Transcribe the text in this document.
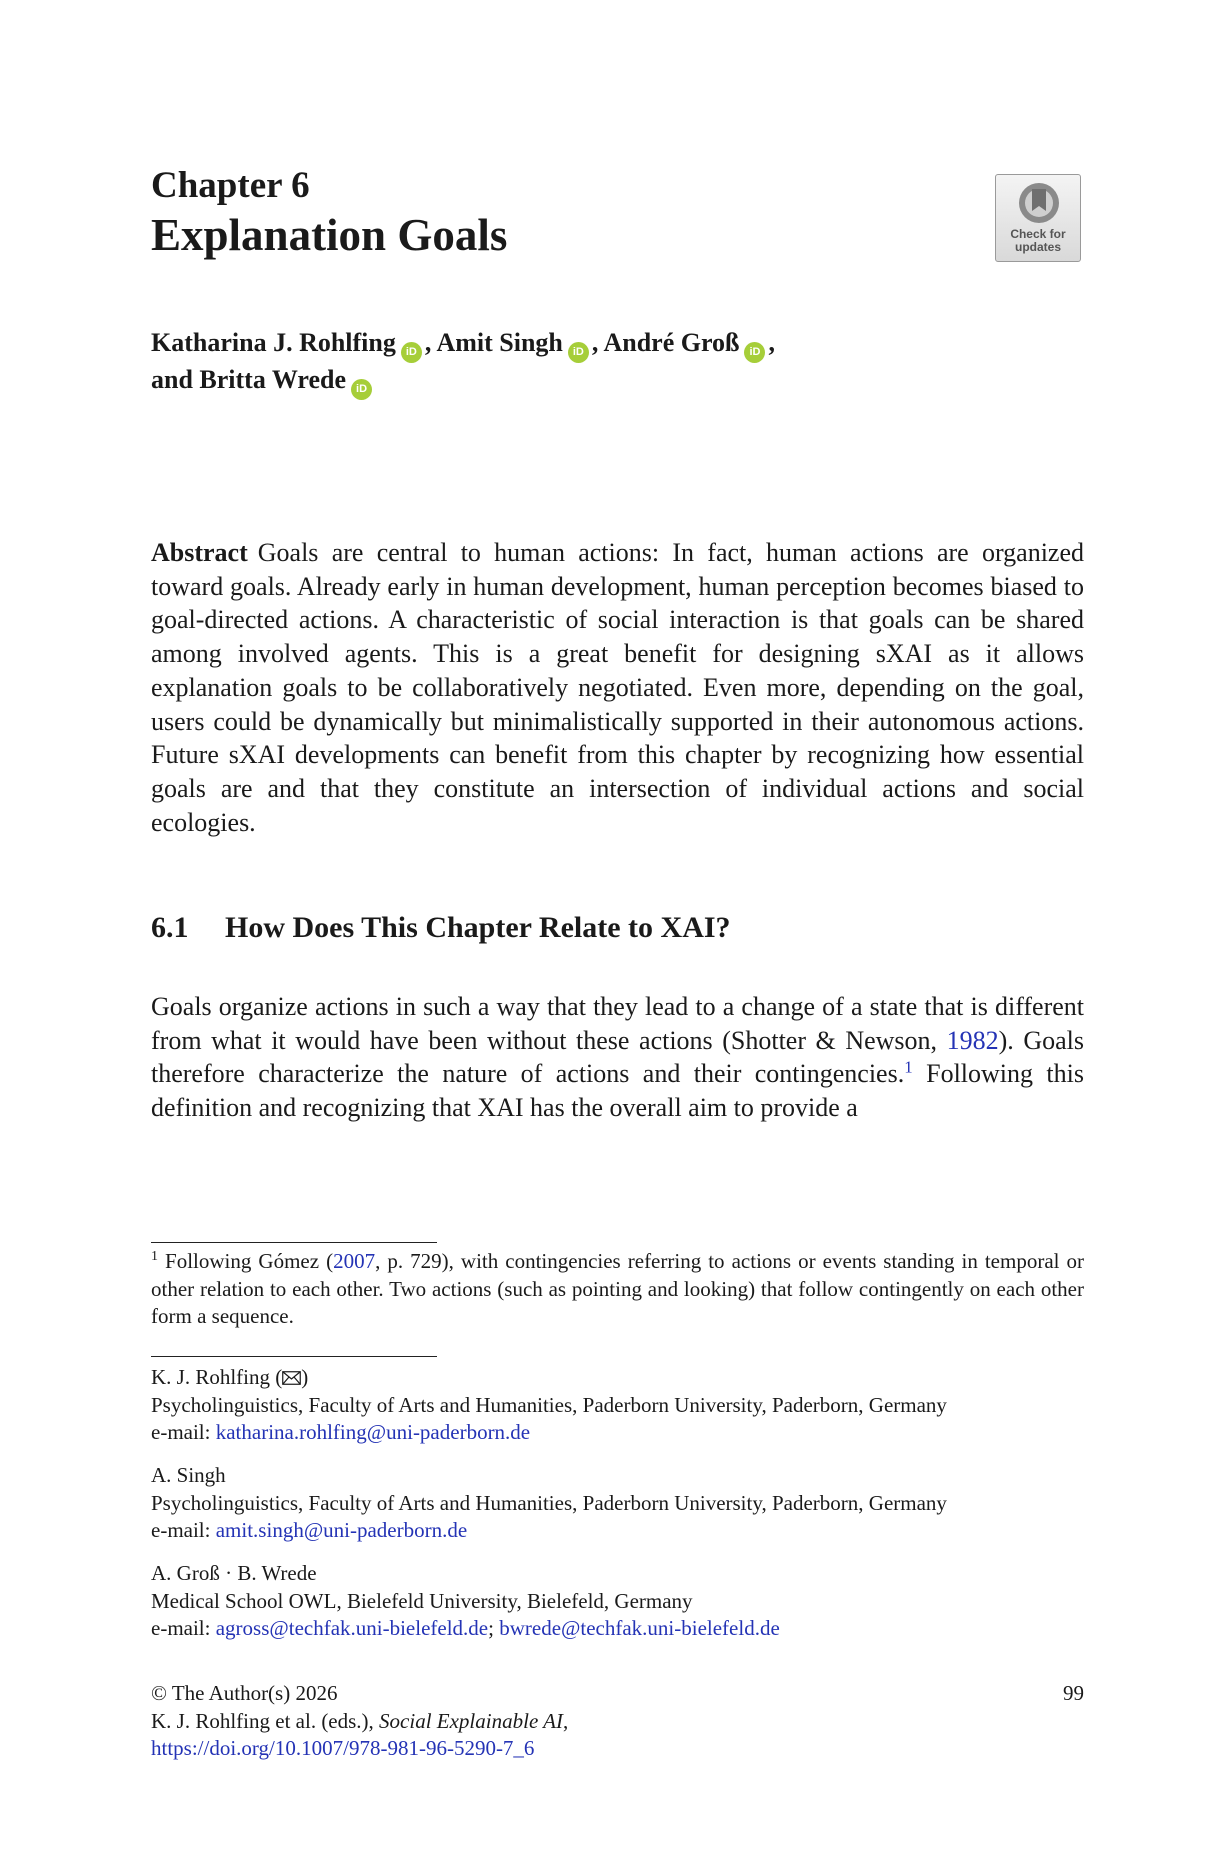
Chapter 6
Explanation Goals	Check for
updates
Katharina J. Rohlfing iD , Amit Singh iD , André Groß iD ,
and Britta Wrede iD
Abstract Goals are central to human actions: In fact, human actions are organized toward goals. Already early in human development, human perception becomes biased to goal-directed actions. A characteristic of social interaction is that goals can be shared among involved agents. This is a great benefit for designing sXAI as it allows explanation goals to be collaboratively negotiated. Even more, depending on the goal, users could be dynamically but minimalistically supported in their autonomous actions. Future sXAI developments can benefit from this chapter by recognizing how essential goals are and that they constitute an intersection of individual actions and social ecologies.
6.1 How Does This Chapter Relate to XAI?
Goals organize actions in such a way that they lead to a change of a state that is different from what it would have been without these actions (Shotter & Newson, 1982). Goals therefore characterize the nature of actions and their contingencies.$^1$ Following this definition and recognizing that XAI has the overall aim to provide a
$^1$ Following Gómez (2007, p. 729), with contingencies referring to actions or events standing in temporal or other relation to each other. Two actions (such as pointing and looking) that follow contingently on each other form a sequence.
K. J. Rohlfing ( )
Psycholinguistics, Faculty of Arts and Humanities, Paderborn University, Paderborn, Germany
e-mail: katharina.rohlfing@uni-paderborn.de
A. Singh
Psycholinguistics, Faculty of Arts and Humanities, Paderborn University, Paderborn, Germany
e-mail: amit.singh@uni-paderborn.de
A. Groß · B. Wrede
Medical School OWL, Bielefeld University, Bielefeld, Germany
e-mail: agross@techfak.uni-bielefeld.de; bwrede@techfak.uni-bielefeld.de
© The Author(s) 2026
K. J. Rohlfing et al. (eds.), Social Explainable AI,
https://doi.org/10.1007/978-981-96-5290-7_6
99
